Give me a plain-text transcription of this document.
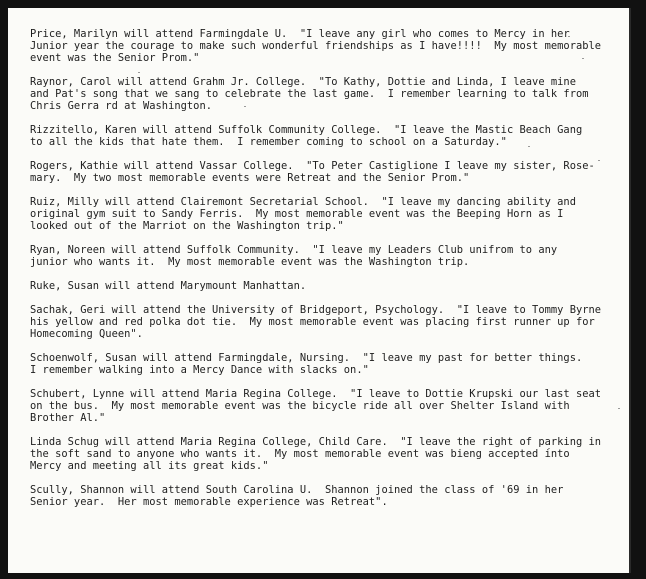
Price, Marilyn will attend Farmingdale U.  "I leave any girl who comes to Mercy in her
Junior year the courage to make such wonderful friendships as I have!!!!  My most memorable
event was the Senior Prom."
Raynor, Carol will attend Grahm Jr. College.  "To Kathy, Dottie and Linda, I leave mine
and Pat's song that we sang to celebrate the last game.  I remember learning to talk from
Chris Gerra rd at Washington.
Rizzitello, Karen will attend Suffolk Community College.  "I leave the Mastic Beach Gang
to all the kids that hate them.  I remember coming to school on a Saturday."
Rogers, Kathie will attend Vassar College.  "To Peter Castiglione I leave my sister, Rose-
mary.  My two most memorable events were Retreat and the Senior Prom."
Ruiz, Milly will attend Clairemont Secretarial School.  "I leave my dancing ability and
original gym suit to Sandy Ferris.  My most memorable event was the Beeping Horn as I
looked out of the Marriot on the Washington trip."
Ryan, Noreen will attend Suffolk Community.  "I leave my Leaders Club unifrom to any
junior who wants it.  My most memorable event was the Washington trip.
Ruke, Susan will attend Marymount Manhattan.
Sachak, Geri will attend the University of Bridgeport, Psychology.  "I leave to Tommy Byrne
his yellow and red polka dot tie.  My most memorable event was placing first runner up for
Homecoming Queen".
Schoenwolf, Susan will attend Farmingdale, Nursing.  "I leave my past for better things.
I remember walking into a Mercy Dance with slacks on."
Schubert, Lynne will attend Maria Regina College.  "I leave to Dottie Krupski our last seat
on the bus.  My most memorable event was the bicycle ride all over Shelter Island with
Brother Al."
Linda Schug will attend Maria Regina College, Child Care.  "I leave the right of parking in
the soft sand to anyone who wants it.  My most memorable event was bieng accepted into
Mercy and meeting all its great kids."
Scully, Shannon will attend South Carolina U.  Shannon joined the class of '69 in her
Senior year.  Her most memorable experience was Retreat".
